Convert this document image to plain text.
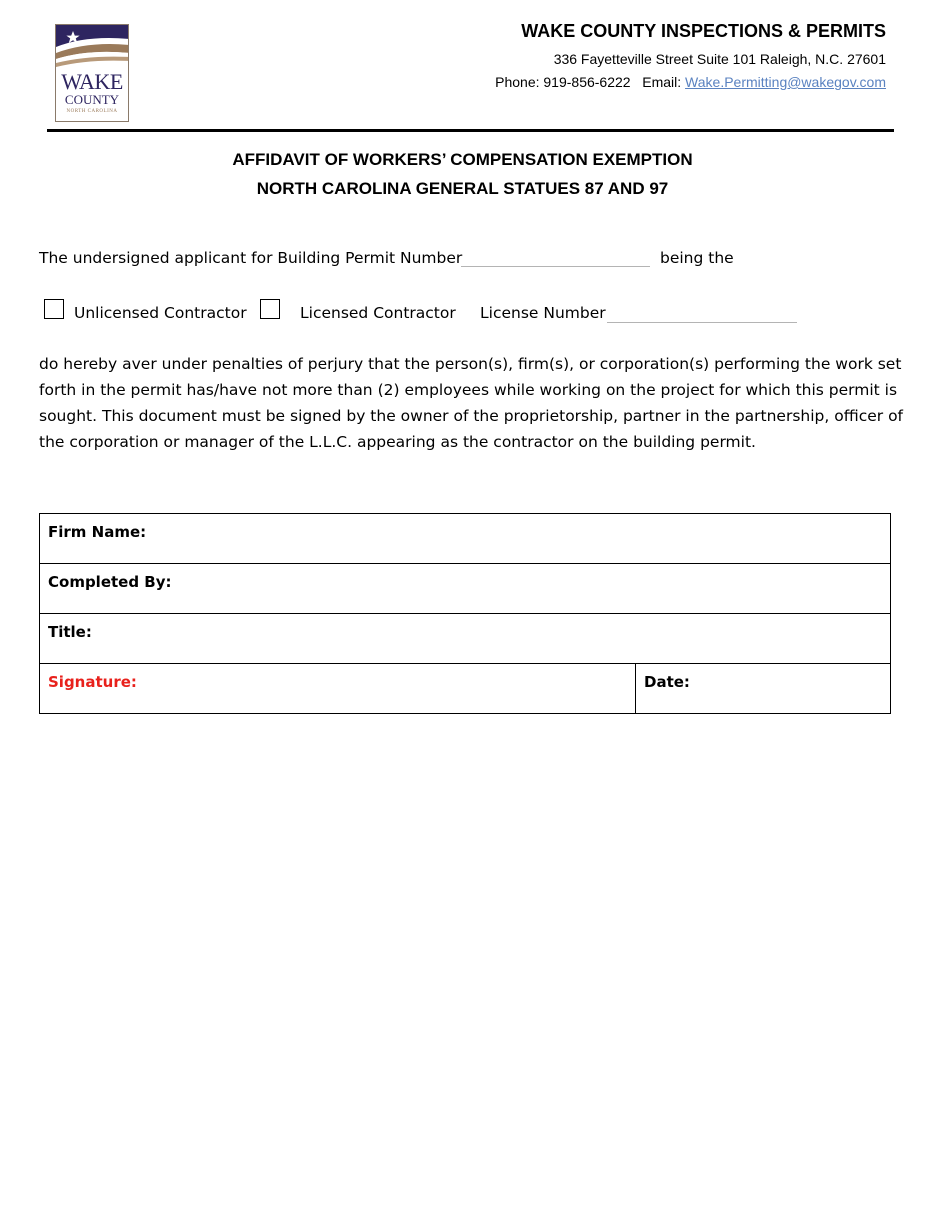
WAKE
COUNTY
NORTH CAROLINA
WAKE COUNTY INSPECTIONS & PERMITS
336 Fayetteville Street Suite 101 Raleigh, N.C. 27601
Phone: 919-856-6222 Email: Wake.Permitting@wakegov.com
AFFIDAVIT OF WORKERS’ COMPENSATION EXEMPTION
NORTH CAROLINA GENERAL STATUES 87 AND 97
The undersigned applicant for Building Permit Number	being the
Unlicensed Contractor	Licensed Contractor License Number
do hereby aver under penalties of perjury that the person(s), firm(s), or corporation(s) performing the work set
forth in the permit has/have not more than (2) employees while working on the project for which this permit is
sought. This document must be signed by the owner of the proprietorship, partner in the partnership, officer of
the corporation or manager of the L.L.C. appearing as the contractor on the building permit.
Firm Name:

Completed By:

Title:

Signature:	Date:
